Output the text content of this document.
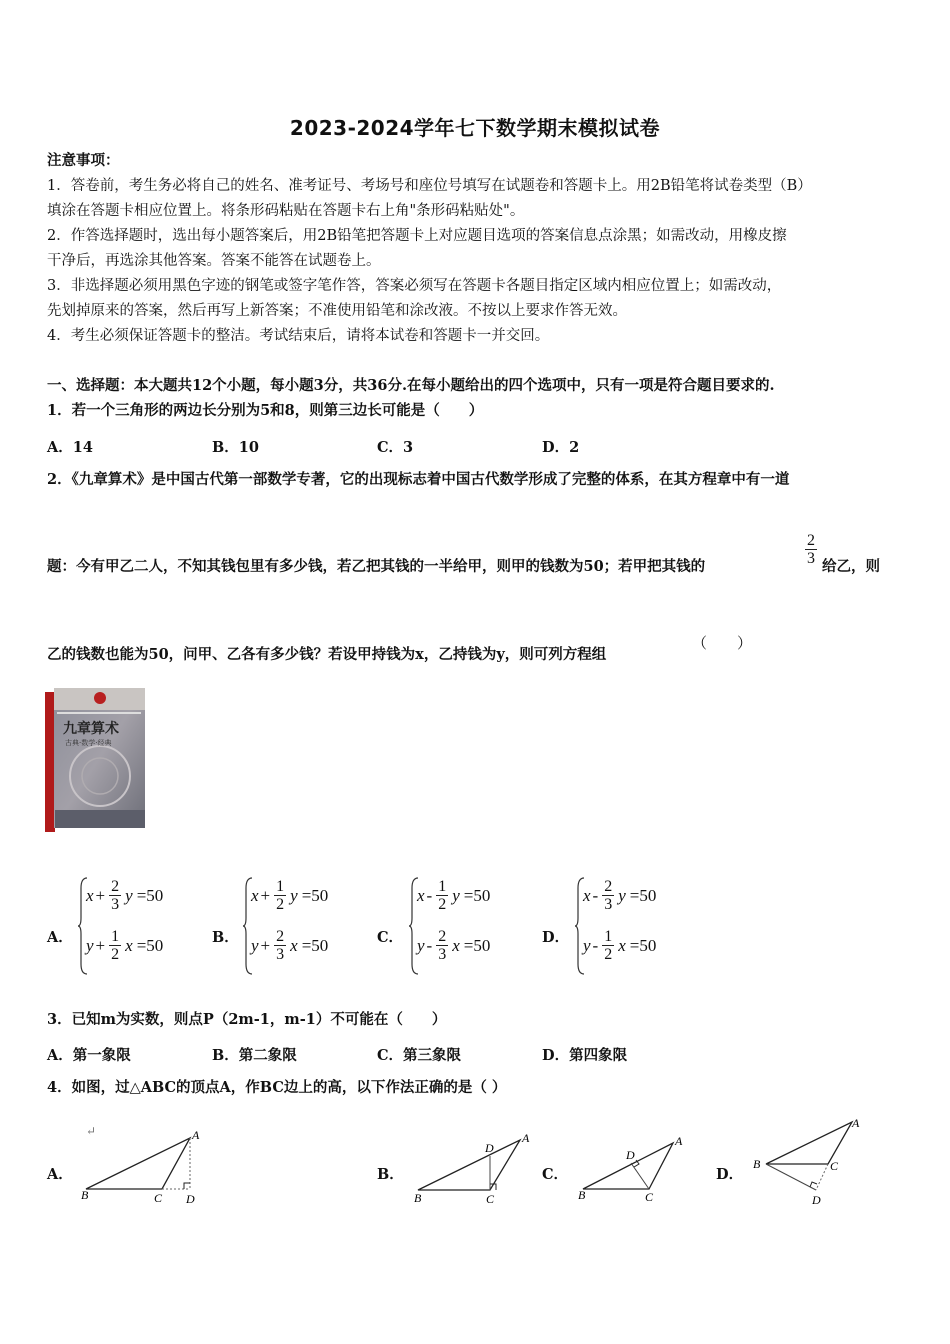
2023-2024学年七下数学期末模拟试卷
注意事项：
1．答卷前，考生务必将自己的姓名、准考证号、考场号和座位号填写在试题卷和答题卡上。用2B铅笔将试卷类型（B）
填涂在答题卡相应位置上。将条形码粘贴在答题卡右上角"条形码粘贴处"。
2．作答选择题时，选出每小题答案后，用2B铅笔把答题卡上对应题目选项的答案信息点涂黑；如需改动，用橡皮擦
干净后，再选涂其他答案。答案不能答在试题卷上。
3．非选择题必须用黑色字迹的钢笔或签字笔作答，答案必须写在答题卡各题目指定区域内相应位置上；如需改动，
先划掉原来的答案，然后再写上新答案；不准使用铅笔和涂改液。不按以上要求作答无效。
4．考生必须保证答题卡的整洁。考试结束后，请将本试卷和答题卡一并交回。
一、选择题：本大题共12个小题，每小题3分，共36分.在每小题给出的四个选项中，只有一项是符合题目要求的.
1．若一个三角形的两边长分别为5和8，则第三边长可能是（　　）
A．14	B．10	C．3	D．2
2．《九章算术》是中国古代第一部数学专著，它的出现标志着中国古代数学形成了完整的体系，在其方程章中有一道
题：今有甲乙二人，不知其钱包里有多少钱，若乙把其钱的一半给甲，则甲的钱数为50；若甲把其钱的	$\frac{2}{3}$ 给乙，则
乙的钱数也能为50，问甲、乙各有多少钱？若设甲持钱为x，乙持钱为y，则可列方程组
（　　）
九章算术
古典·数学·经典
A．	B．	C．	D．
$x + \frac{2}{3}$ y =50
$y + \frac{1}{2}$ x =50
$x + \frac{1}{2}$ y =50
$y + \frac{2}{3}$ x =50
x - $\frac{1}{2}$ y =50
y - $\frac{2}{3}$ x =50
x - $\frac{2}{3}$ y =50
y - $\frac{1}{2}$ x =50
3．已知m为实数，则点P（2m-1，m-1）不可能在（　　）
A．第一象限	B．第二象限	C．第三象限	D．第四象限
4．如图，过△ABC的顶点A，作BC边上的高，以下作法正确的是（ ）
↵
A．	B．	C．	D．
A
B	C D
A
B	C
D	A
B	C
D
A
B	C
D
